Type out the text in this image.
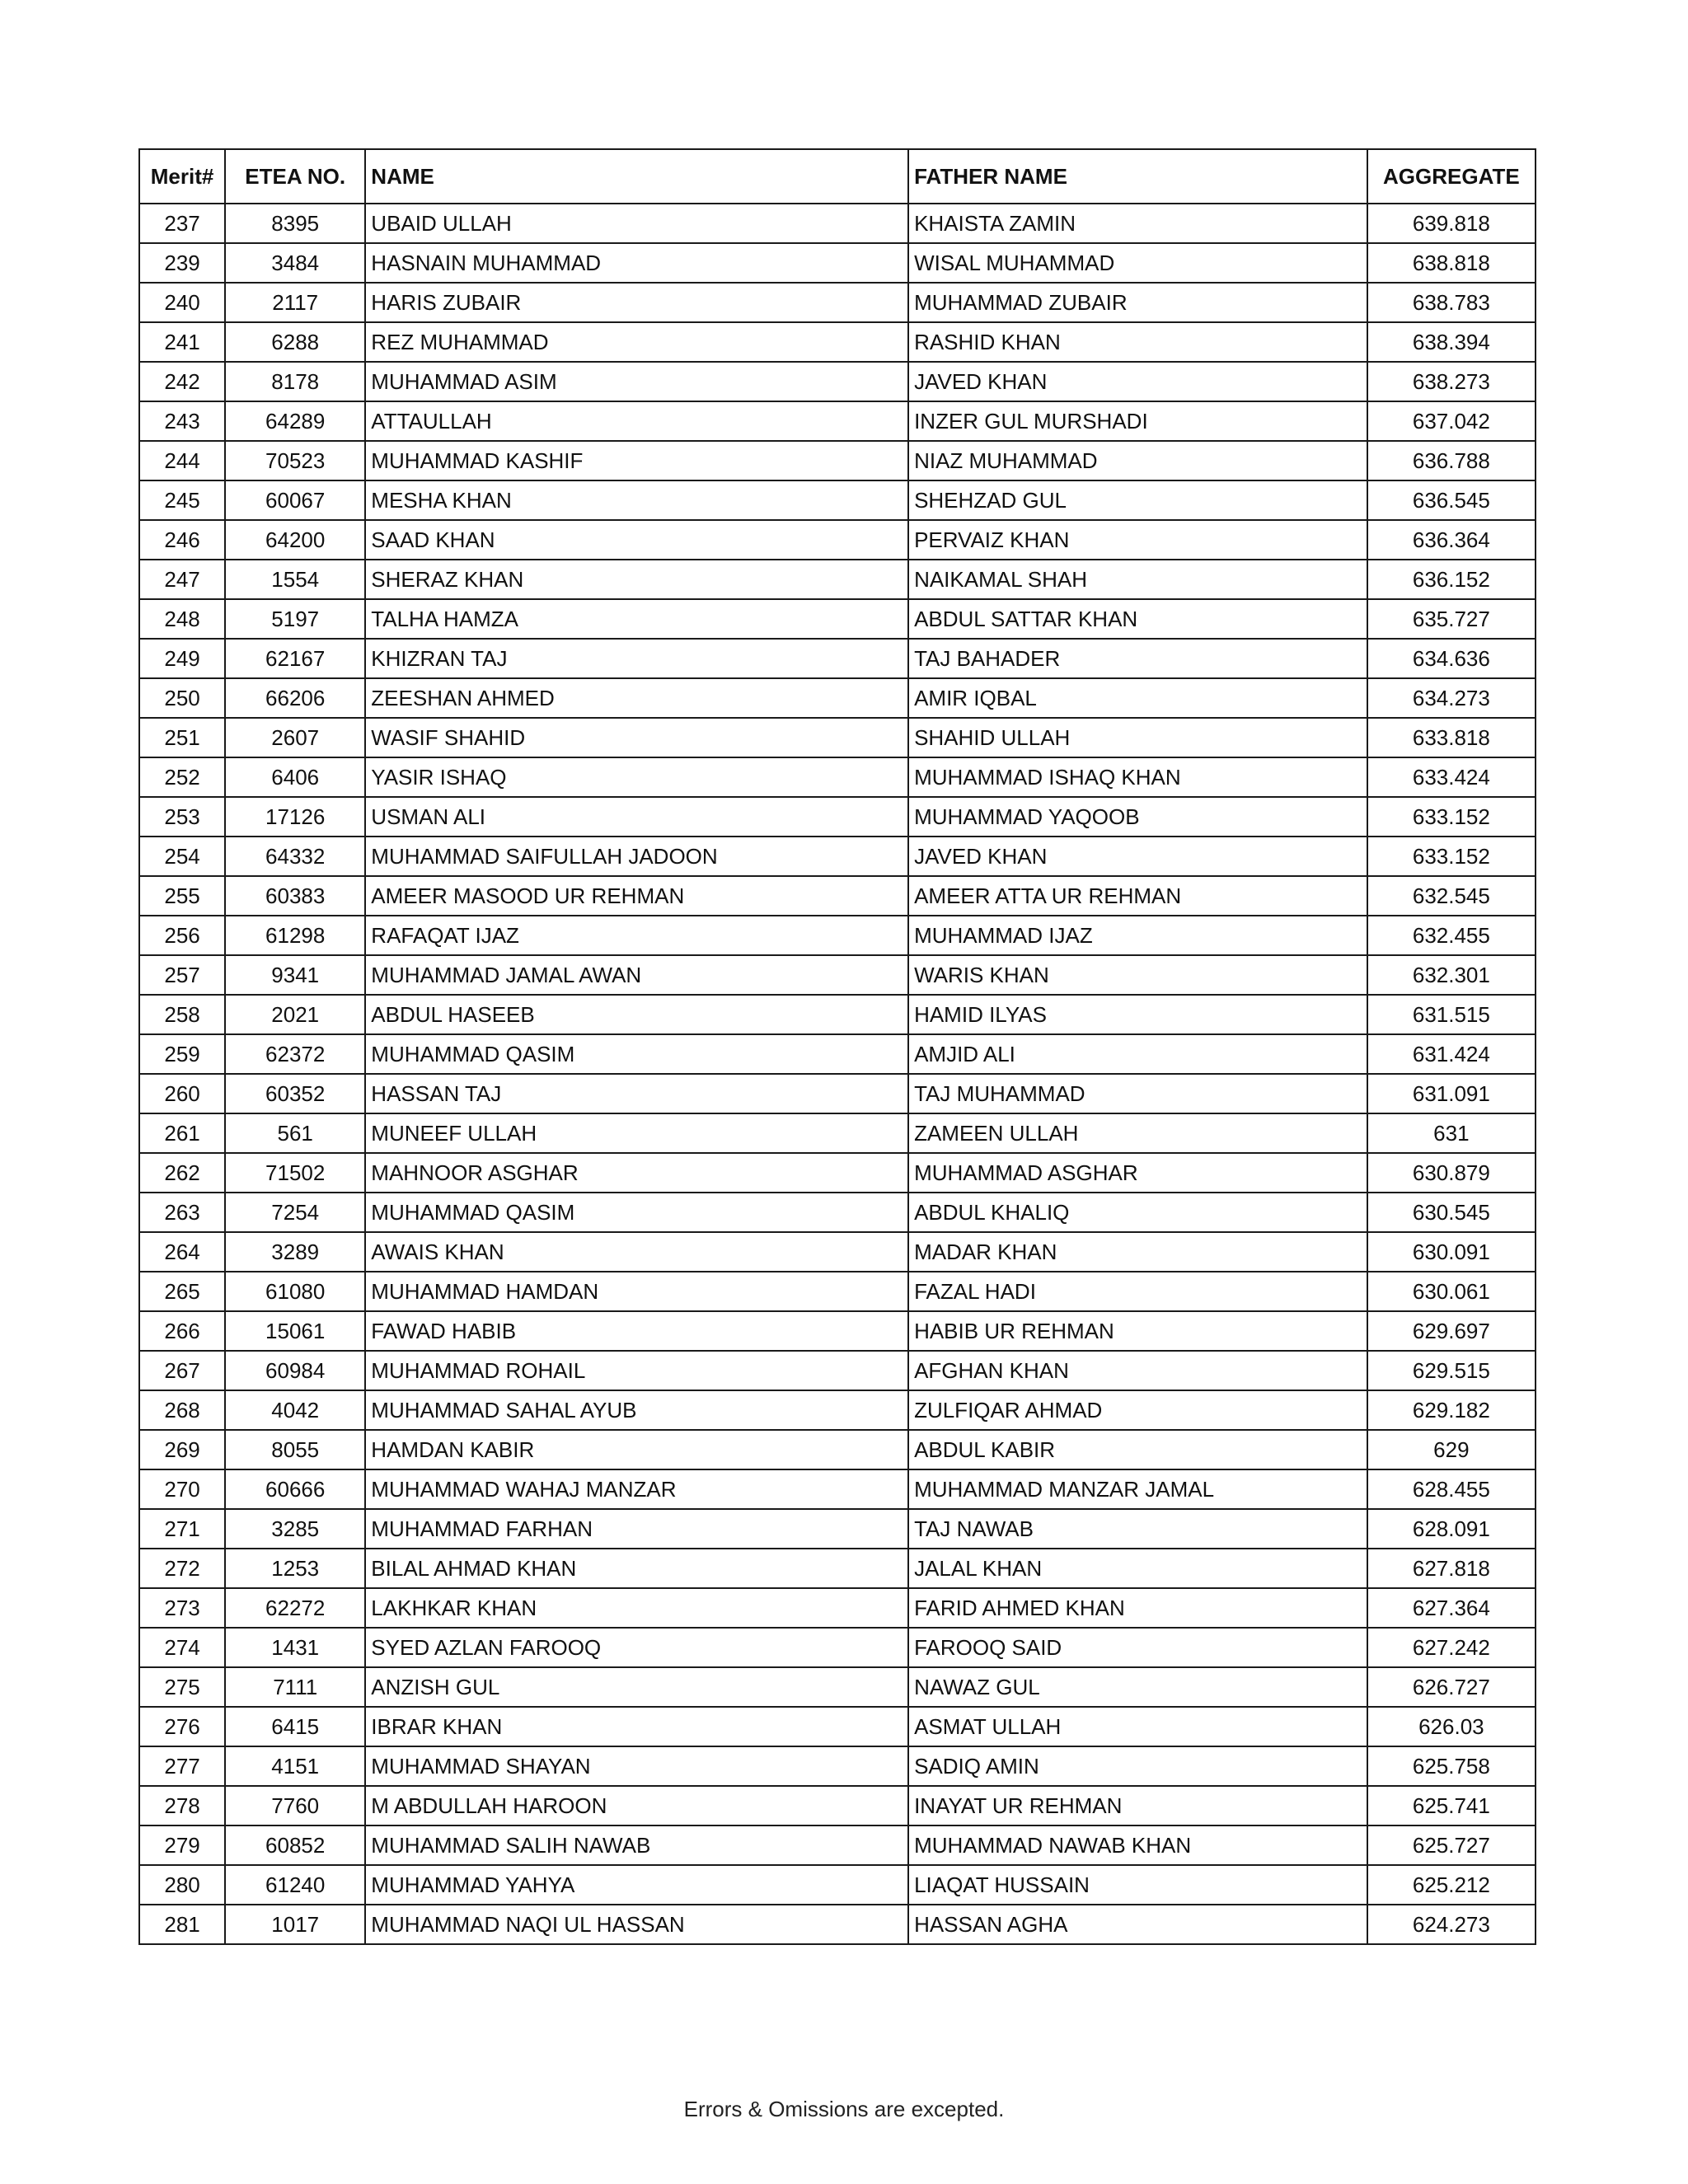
Merit#	ETEA NO.	NAME	FATHER NAME	AGGREGATE
237	8395	UBAID ULLAH	KHAISTA ZAMIN	639.818
239	3484	HASNAIN MUHAMMAD	WISAL MUHAMMAD	638.818
240	2117	HARIS ZUBAIR	MUHAMMAD ZUBAIR	638.783
241	6288	REZ MUHAMMAD	RASHID KHAN	638.394
242	8178	MUHAMMAD ASIM	JAVED KHAN	638.273
243	64289	ATTAULLAH	INZER GUL MURSHADI	637.042
244	70523	MUHAMMAD KASHIF	NIAZ MUHAMMAD	636.788
245	60067	MESHA KHAN	SHEHZAD GUL	636.545
246	64200	SAAD KHAN	PERVAIZ KHAN	636.364
247	1554	SHERAZ KHAN	NAIKAMAL SHAH	636.152
248	5197	TALHA HAMZA	ABDUL SATTAR KHAN	635.727
249	62167	KHIZRAN TAJ	TAJ BAHADER	634.636
250	66206	ZEESHAN AHMED	AMIR IQBAL	634.273
251	2607	WASIF SHAHID	SHAHID ULLAH	633.818
252	6406	YASIR ISHAQ	MUHAMMAD ISHAQ KHAN	633.424
253	17126	USMAN ALI	MUHAMMAD YAQOOB	633.152
254	64332	MUHAMMAD SAIFULLAH JADOON	JAVED KHAN	633.152
255	60383	AMEER MASOOD UR REHMAN	AMEER ATTA UR REHMAN	632.545
256	61298	RAFAQAT IJAZ	MUHAMMAD IJAZ	632.455
257	9341	MUHAMMAD JAMAL AWAN	WARIS KHAN	632.301
258	2021	ABDUL HASEEB	HAMID ILYAS	631.515
259	62372	MUHAMMAD QASIM	AMJID ALI	631.424
260	60352	HASSAN TAJ	TAJ MUHAMMAD	631.091
261	561	MUNEEF ULLAH	ZAMEEN ULLAH	631
262	71502	MAHNOOR ASGHAR	MUHAMMAD ASGHAR	630.879
263	7254	MUHAMMAD QASIM	ABDUL KHALIQ	630.545
264	3289	AWAIS KHAN	MADAR KHAN	630.091
265	61080	MUHAMMAD HAMDAN	FAZAL HADI	630.061
266	15061	FAWAD HABIB	HABIB UR REHMAN	629.697
267	60984	MUHAMMAD ROHAIL	AFGHAN KHAN	629.515
268	4042	MUHAMMAD SAHAL AYUB	ZULFIQAR AHMAD	629.182
269	8055	HAMDAN KABIR	ABDUL KABIR	629
270	60666	MUHAMMAD WAHAJ MANZAR	MUHAMMAD MANZAR JAMAL	628.455
271	3285	MUHAMMAD FARHAN	TAJ NAWAB	628.091
272	1253	BILAL AHMAD KHAN	JALAL KHAN	627.818
273	62272	LAKHKAR KHAN	FARID AHMED KHAN	627.364
274	1431	SYED AZLAN FAROOQ	FAROOQ SAID	627.242
275	7111	ANZISH GUL	NAWAZ GUL	626.727
276	6415	IBRAR KHAN	ASMAT ULLAH	626.03
277	4151	MUHAMMAD SHAYAN	SADIQ AMIN	625.758
278	7760	M ABDULLAH HAROON	INAYAT UR REHMAN	625.741
279	60852	MUHAMMAD SALIH NAWAB	MUHAMMAD NAWAB KHAN	625.727
280	61240	MUHAMMAD YAHYA	LIAQAT HUSSAIN	625.212
281	1017	MUHAMMAD NAQI UL HASSAN	HASSAN AGHA	624.273
Errors & Omissions are excepted.
